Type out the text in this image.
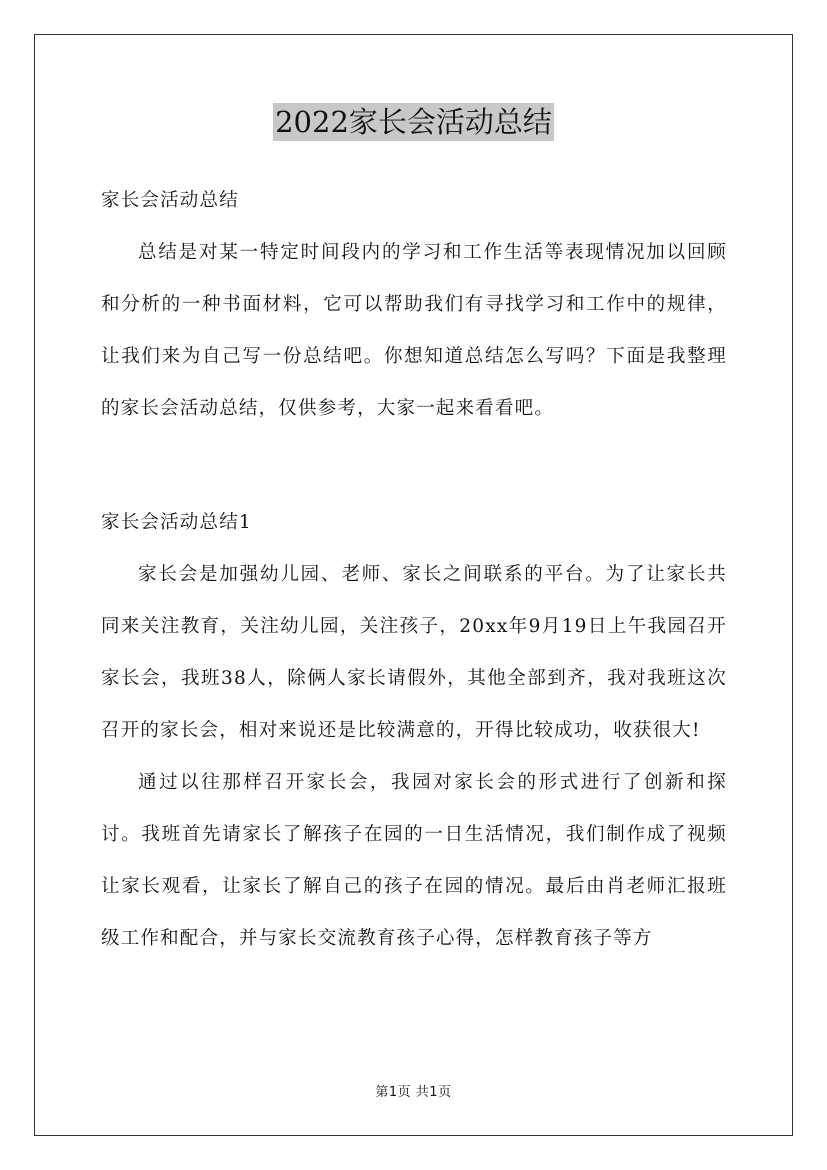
2022家长会活动总结

家长会活动总结

总结是对某一特定时间段内的学习和工作生活等表现情况加以回顾和分析的一种书面材料，它可以帮助我们有寻找学习和工作中的规律，让我们来为自己写一份总结吧。你想知道总结怎么写吗？下面是我整理的家长会活动总结，仅供参考，大家一起来看看吧。

家长会活动总结1

家长会是加强幼儿园、老师、家长之间联系的平台。为了让家长共同来关注教育，关注幼儿园，关注孩子，20xx年9月19日上午我园召开家长会，我班38人，除俩人家长请假外，其他全部到齐，我对我班这次召开的家长会，相对来说还是比较满意的，开得比较成功，收获很大!

通过以往那样召开家长会，我园对家长会的形式进行了创新和探讨。我班首先请家长了解孩子在园的一日生活情况，我们制作成了视频让家长观看，让家长了解自己的孩子在园的情况。最后由肖老师汇报班级工作和配合，并与家长交流教育孩子心得，怎样教育孩子等方

第1页 共1页
